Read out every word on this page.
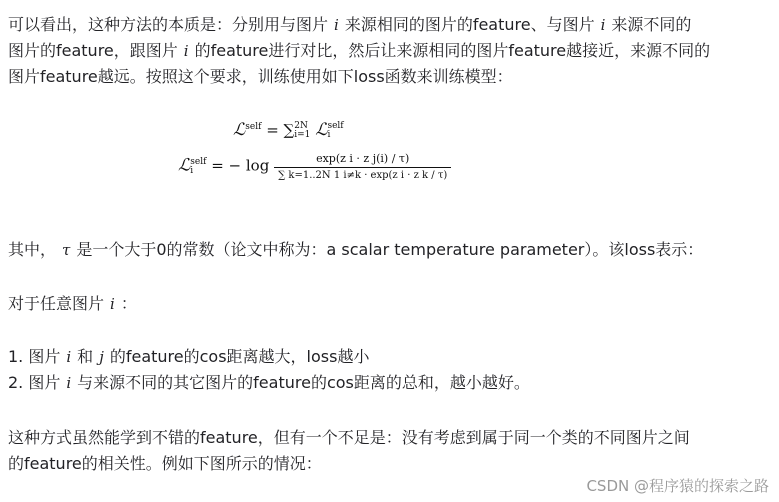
可以看出，这种方法的本质是：分别用与图片 i 来源相同的图片的feature、与图片 i 来源不同的
图片的feature，跟图片 i 的feature进行对比，然后让来源相同的图片feature越接近，来源不同的
图片feature越远。按照这个要求，训练使用如下loss函数来训练模型：
ℒ$^{self}$ = ∑ 2N
i=1 ℒ self
i
ℒ self
i	= − $\log \frac{\text{exp(z i · z j(i) / τ)}}{\text{∑ k=1..2N 1 i≠k · exp(z i · z k / τ)}}$
其中， τ 是一个大于0的常数（论文中称为：a scalar temperature parameter）。该loss表示：
对于任意图片 i ：
1. 图片 i 和 j 的feature的cos距离越大，loss越小
2. 图片 i 与来源不同的其它图片的feature的cos距离的总和，越小越好。
这种方式虽然能学到不错的feature，但有一个不足是：没有考虑到属于同一个类的不同图片之间
的feature的相关性。例如下图所示的情况：
CSDN @程序猿的探索之路
